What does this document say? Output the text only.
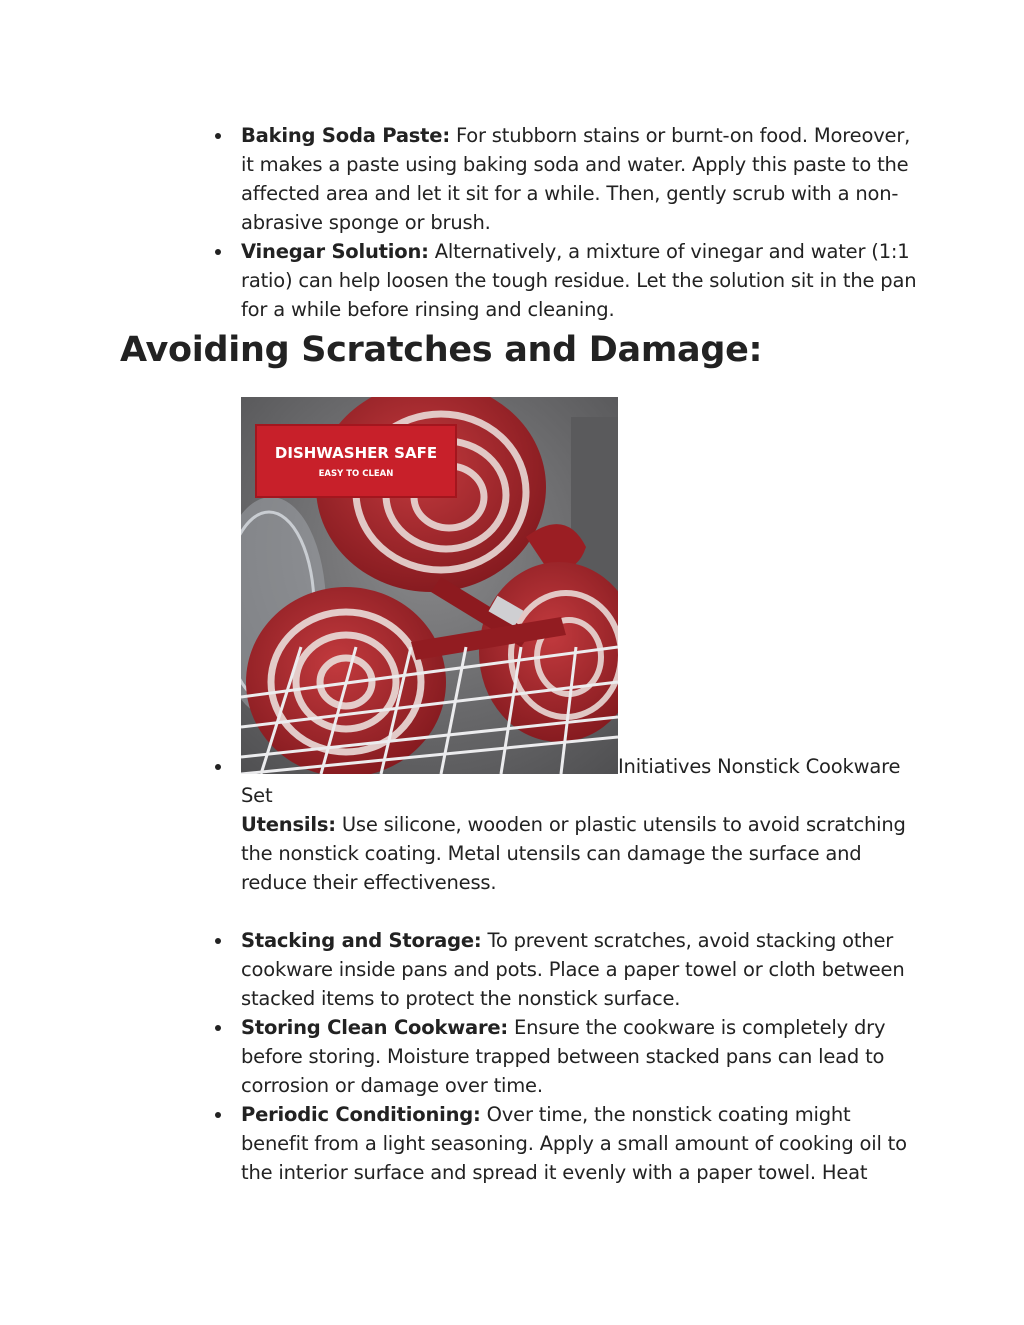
Baking Soda Paste: For stubborn stains or burnt-on food. Moreover, it makes a paste using baking soda and water. Apply this paste to the affected area and let it sit for a while. Then, gently scrub with a non-abrasive sponge or brush.
Vinegar Solution: Alternatively, a mixture of vinegar and water (1:1 ratio) can help loosen the tough residue. Let the solution sit in the pan for a while before rinsing and cleaning.
Avoiding Scratches and Damage:
DISHWASHER SAFE
EASY TO CLEAN
Set
Utensils: Use silicone, wooden or plastic utensils to avoid scratching the nonstick coating. Metal utensils can damage the surface and reduce their effectiveness.
Initiatives Nonstick Cookware
Stacking and Storage: To prevent scratches, avoid stacking other cookware inside pans and pots. Place a paper towel or cloth between stacked items to protect the nonstick surface.
Storing Clean Cookware: Ensure the cookware is completely dry before storing. Moisture trapped between stacked pans can lead to corrosion or damage over time.
Periodic Conditioning: Over time, the nonstick coating might benefit from a light seasoning. Apply a small amount of cooking oil to the interior surface and spread it evenly with a paper towel. Heat
